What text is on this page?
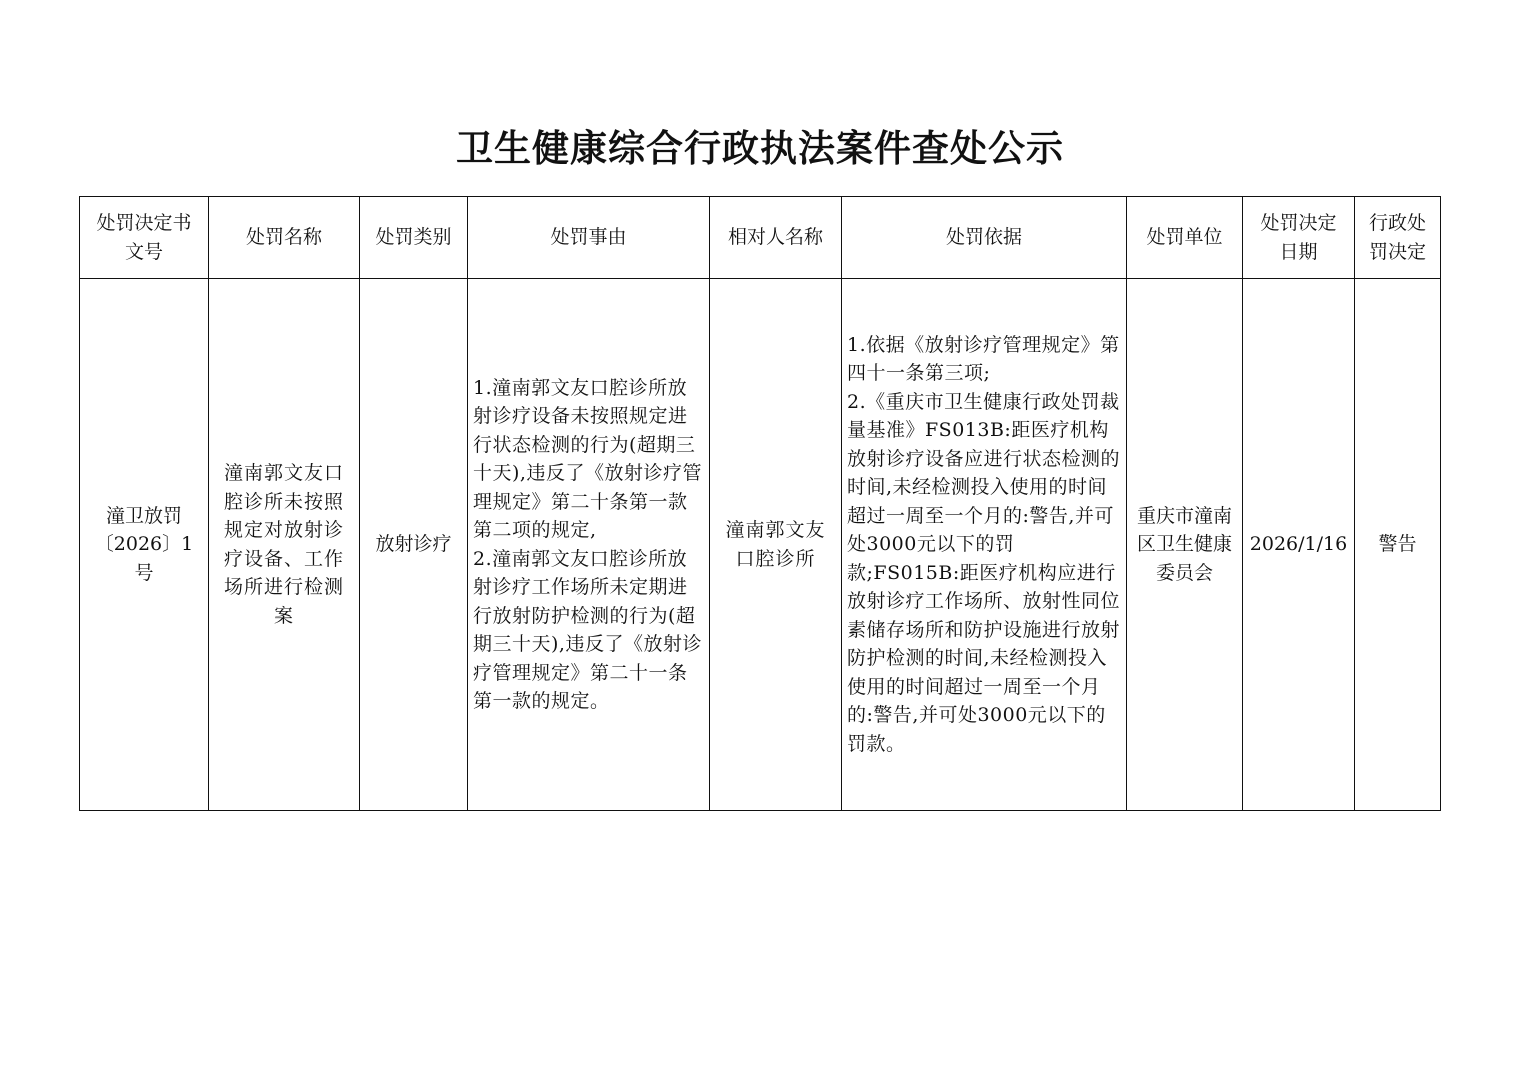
卫生健康综合行政执法案件查处公示
处罚决定书文号	处罚名称	处罚类别	处罚事由	相对人名称	处罚依据	处罚单位	处罚决定日期	行政处罚决定
潼卫放罚〔2026〕1号	潼南郭文友口腔诊所未按照规定对放射诊疗设备、工作场所进行检测案	放射诊疗	1.潼南郭文友口腔诊所放射诊疗设备未按照规定进行状态检测的行为(超期三十天),违反了《放射诊疗管理规定》第二十条第一款第二项的规定,
2.潼南郭文友口腔诊所放射诊疗工作场所未定期进行放射防护检测的行为(超期三十天),违反了《放射诊疗管理规定》第二十一条第一款的规定。	潼南郭文友口腔诊所	1.依据《放射诊疗管理规定》第四十一条第三项;
2.《重庆市卫生健康行政处罚裁量基准》FS013B:距医疗机构放射诊疗设备应进行状态检测的时间,未经检测投入使用的时间超过一周至一个月的:警告,并可处3000元以下的罚款;FS015B:距医疗机构应进行放射诊疗工作场所、放射性同位素储存场所和防护设施进行放射防护检测的时间,未经检测投入使用的时间超过一周至一个月的:警告,并可处3000元以下的罚款。	重庆市潼南区卫生健康委员会	2026/1/16	警告
